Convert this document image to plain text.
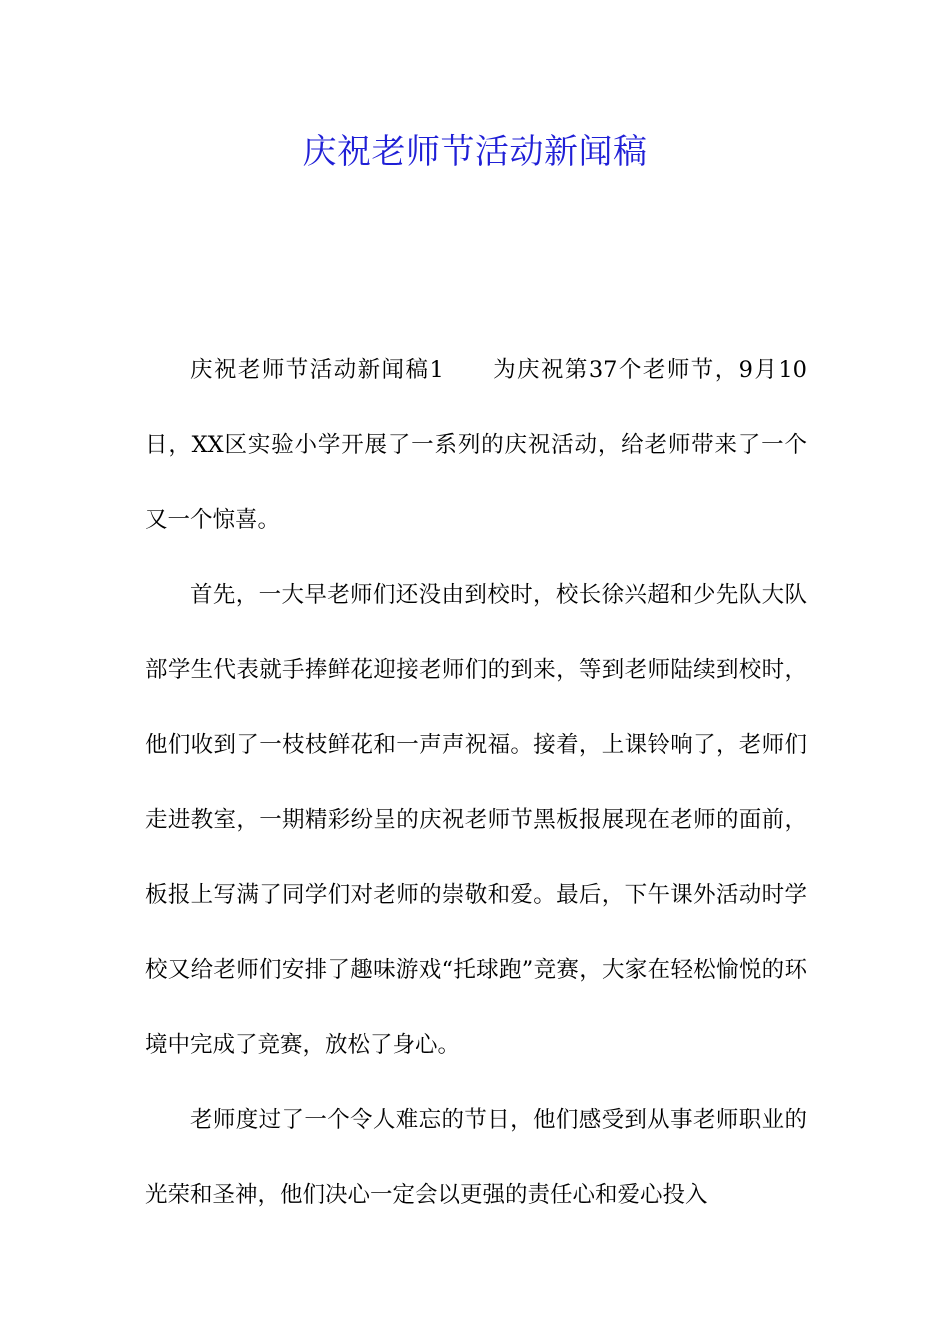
庆祝老师节活动新闻稿

庆祝老师节活动新闻稿1　　为庆祝第37个老师节，9月10日，XX区实验小学开展了一系列的庆祝活动，给老师带来了一个又一个惊喜。

首先，一大早老师们还没由到校时，校长徐兴超和少先队大队部学生代表就手捧鲜花迎接老师们的到来，等到老师陆续到校时，他们收到了一枝枝鲜花和一声声祝福。接着，上课铃响了，老师们走进教室，一期精彩纷呈的庆祝老师节黑板报展现在老师的面前，板报上写满了同学们对老师的崇敬和爱。最后，下午课外活动时学校又给老师们安排了趣味游戏“托球跑”竞赛，大家在轻松愉悦的环境中完成了竞赛，放松了身心。

老师度过了一个令人难忘的节日，他们感受到从事老师职业的光荣和圣神，他们决心一定会以更强的责任心和爱心投入
